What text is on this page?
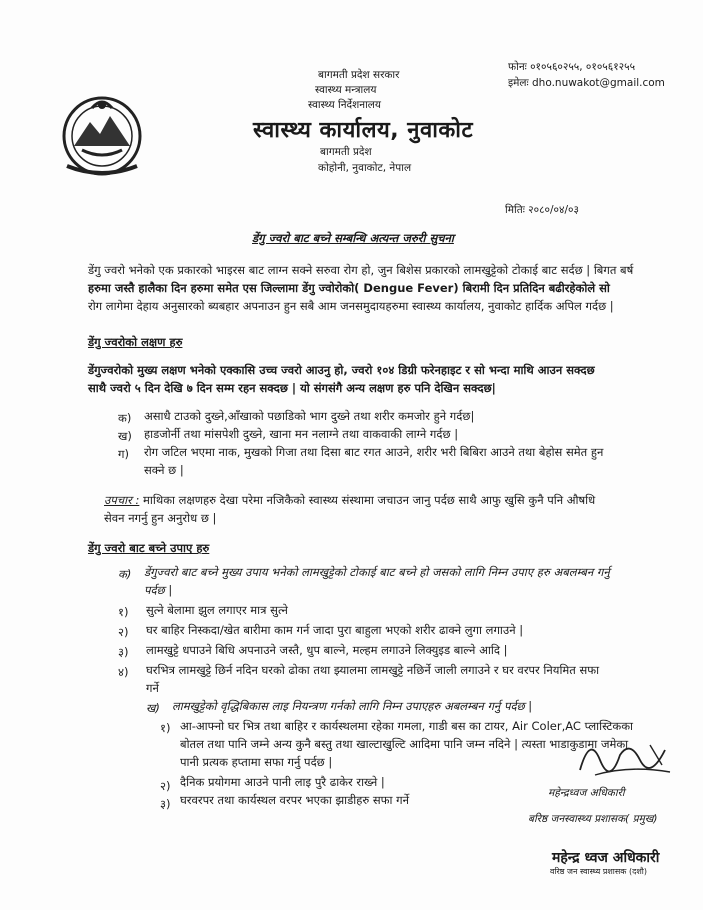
बागमती प्रदेश सरकार
स्वास्थ्य मन्त्रालय
स्वास्थ्य निर्देशनालय
स्वास्थ्य कार्यालय, नुवाकोट
बागमती प्रदेश
कोहोनी, नुवाकोट, नेपाल
फोनः ०१०५६०२५५, ०१०५६१२५५
इमेलः dho.nuwakot@gmail.com
मितिः २०८०/०४/०३
डेंगु ज्वरो बाट बच्ने सम्बन्धि अत्यन्त जरुरी सुचना
डेंगु ज्वरो भनेको एक प्रकारको भाइरस बाट लाग्न सक्ने सरुवा रोग हो, जुन बिशेस प्रकारको लामखुट्टेको टोकाई बाट सर्दछ | बिगत बर्ष
हरुमा जस्तै हालैका दिन हरुमा समेत एस जिल्लामा डेंगु ज्वोरोको( Dengue Fever) बिरामी दिन प्रतिदिन बढीरहेकोले सो
रोग लागेमा देहाय अनुसारको ब्यबहार अपनाउन हुन सबै आम जनसमुदायहरुमा स्वास्थ्य कार्यालय, नुवाकोट हार्दिक अपिल गर्दछ |
डेंगु ज्वरोको लक्षण हरु
डेंगुज्वरोको मुख्य लक्षण भनेको एक्कासि उच्च ज्वरो आउनु हो, ज्वरो १०४ डिग्री फरेनहाइट र सो भन्दा माथि आउन सक्दछ
साथै ज्वरो ५ दिन देखि ७ दिन सम्म रहन सक्दछ | यो संगसंगै अन्य लक्षण हरु पनि देखिन सक्दछ|
क) असाधै टाउको दुख्ने,आँखाको पछाडिको भाग दुख्ने तथा शरीर कमजोर हुने गर्दछ|
ख) हाडजोर्नी तथा मांसपेशी दुख्ने, खाना मन नलाग्ने तथा वाकवाकी लाग्ने गर्दछ |
ग) रोग जटिल भएमा नाक, मुखको गिजा तथा दिसा बाट रगत आउने, शरीर भरी बिबिरा आउने तथा बेहोस समेत हुन
सक्ने छ |
उपचार : माथिका लक्षणहरु देखा परेमा नजिकैको स्वास्थ्य संस्थामा जचाउन जानु पर्दछ साथै आफु खुसि कुनै पनि औषधि
सेवन नगर्नु हुन अनुरोध छ |
डेंगु ज्वरो बाट बच्ने उपाए हरु
क) डेंगुज्वरो बाट बच्ने मुख्य उपाय भनेको लामखुट्टेको टोकाई बाट बच्ने हो जसको लागि निम्न उपाए हरु अबलम्बन गर्नु
पर्दछ |
१) सुत्ने बेलामा झुल लगाएर मात्र सुत्ने
२) घर बाहिर निस्कदा/खेत बारीमा काम गर्न जादा पुरा बाहुला भएको शरीर ढाक्ने लुगा लगाउने |
३) लामखुट्टे धपाउने बिधि अपनाउने जस्तै, धुप बाल्ने, मल्हम लगाउने लिक्युइड बाल्ने आदि |
४) घरभित्र लामखुट्टे छिर्न नदिन घरको ढोका तथा झ्यालमा लामखुट्टे नछिर्ने जाली लगाउने र घर वरपर नियमित सफा
गर्ने
ख) लामखुट्टेको वृद्धिबिकास लाइ नियन्त्रण गर्नको लागि निम्न उपाएहरु अबलम्बन गर्नु पर्दछ |
१) आ-आफ्नो घर भित्र तथा बाहिर र कार्यस्थलमा रहेका गमला, गाडी बस का टायर, Air Coler,AC प्लास्टिकका
बोतल तथा पानि जम्ने अन्य कुनै बस्तु तथा खाल्टाखुल्टि आदिमा पानि जम्न नदिने | त्यस्ता भाडाकुडामा जमेका
पानी प्रत्यक हप्तामा सफा गर्नु पर्दछ |
२) दैनिक प्रयोगमा आउने पानी लाइ पुरै ढाकेर राख्ने |
३) घरवरपर तथा कार्यस्थल वरपर भएका झाडीहरु सफा गर्ने	महेन्द्रध्वज अधिकारी
बरिष्ठ जनस्वास्थ्य प्रशासक( प्रमुख)
महेन्द्र ध्वज अधिकारी
वरिष्ठ जन स्वास्थ्य प्रशासक (दशौ)
